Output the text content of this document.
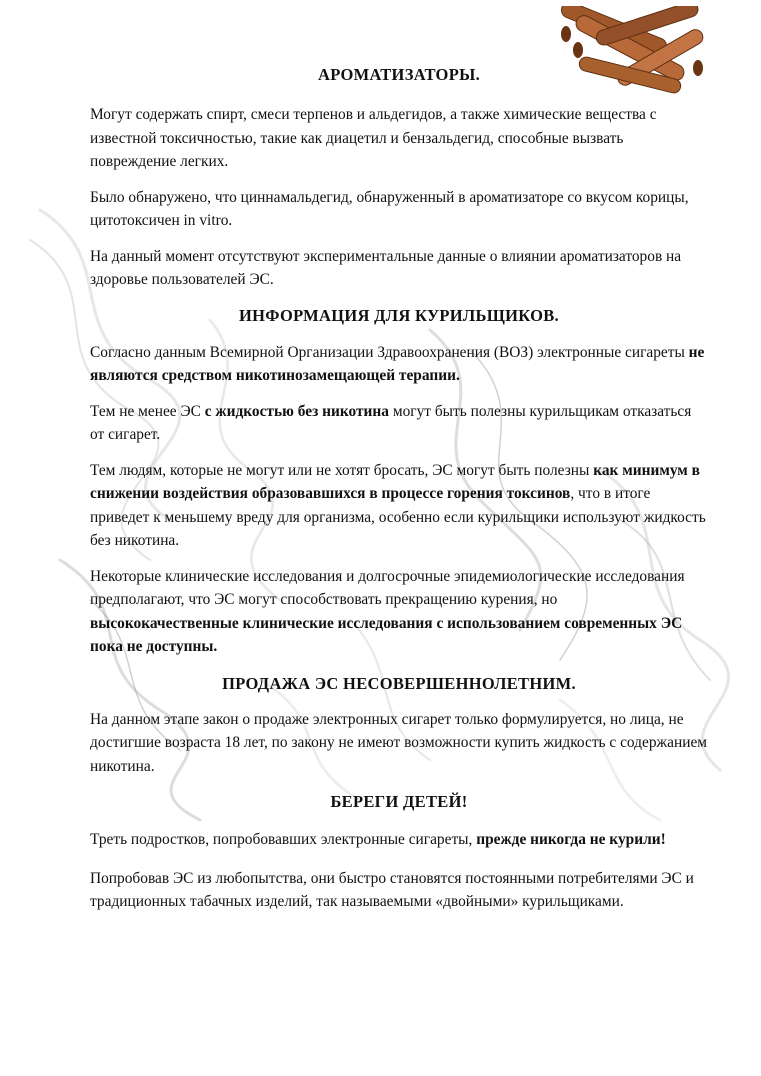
АРОМАТИЗАТОРЫ.

Могут содержать спирт, смеси терпенов и альдегидов, а также химические вещества с известной токсичностью, такие как диацетил и бензальдегид, способные вызвать повреждение легких.

Было обнаружено, что циннамальдегид, обнаруженный в ароматизаторе со вкусом корицы, цитотоксичен in vitro.

На данный момент отсутствуют экспериментальные данные о влиянии ароматизаторов на здоровье пользователей ЭС.

ИНФОРМАЦИЯ ДЛЯ КУРИЛЬЩИКОВ.

Согласно данным Всемирной Организации Здравоохранения (ВОЗ) электронные сигареты не являются средством никотинозамещающей терапии.

Тем не менее ЭС с жидкостью без никотина могут быть полезны курильщикам отказаться от сигарет.

Тем людям, которые не могут или не хотят бросать, ЭС могут быть полезны как минимум в снижении воздействия образовавшихся в процессе горения токсинов, что в итоге приведет к меньшему вреду для организма, особенно если курильщики используют жидкость без никотина.

Некоторые клинические исследования и долгосрочные эпидемиологические исследования предполагают, что ЭС могут способствовать прекращению курения, но высококачественные клинические исследования с использованием современных ЭС пока не доступны.

ПРОДАЖА ЭС НЕСОВЕРШЕННОЛЕТНИМ.

На данном этапе закон о продаже электронных сигарет только формулируется, но лица, не достигшие возраста 18 лет, по закону не имеют возможности купить жидкость с содержанием никотина.

БЕРЕГИ ДЕТЕЙ!

Треть подростков, попробовавших электронные сигареты, прежде никогда не курили!

Попробовав ЭС из любопытства, они быстро становятся постоянными потребителями ЭС и традиционных табачных изделий, так называемыми «двойными» курильщиками.
